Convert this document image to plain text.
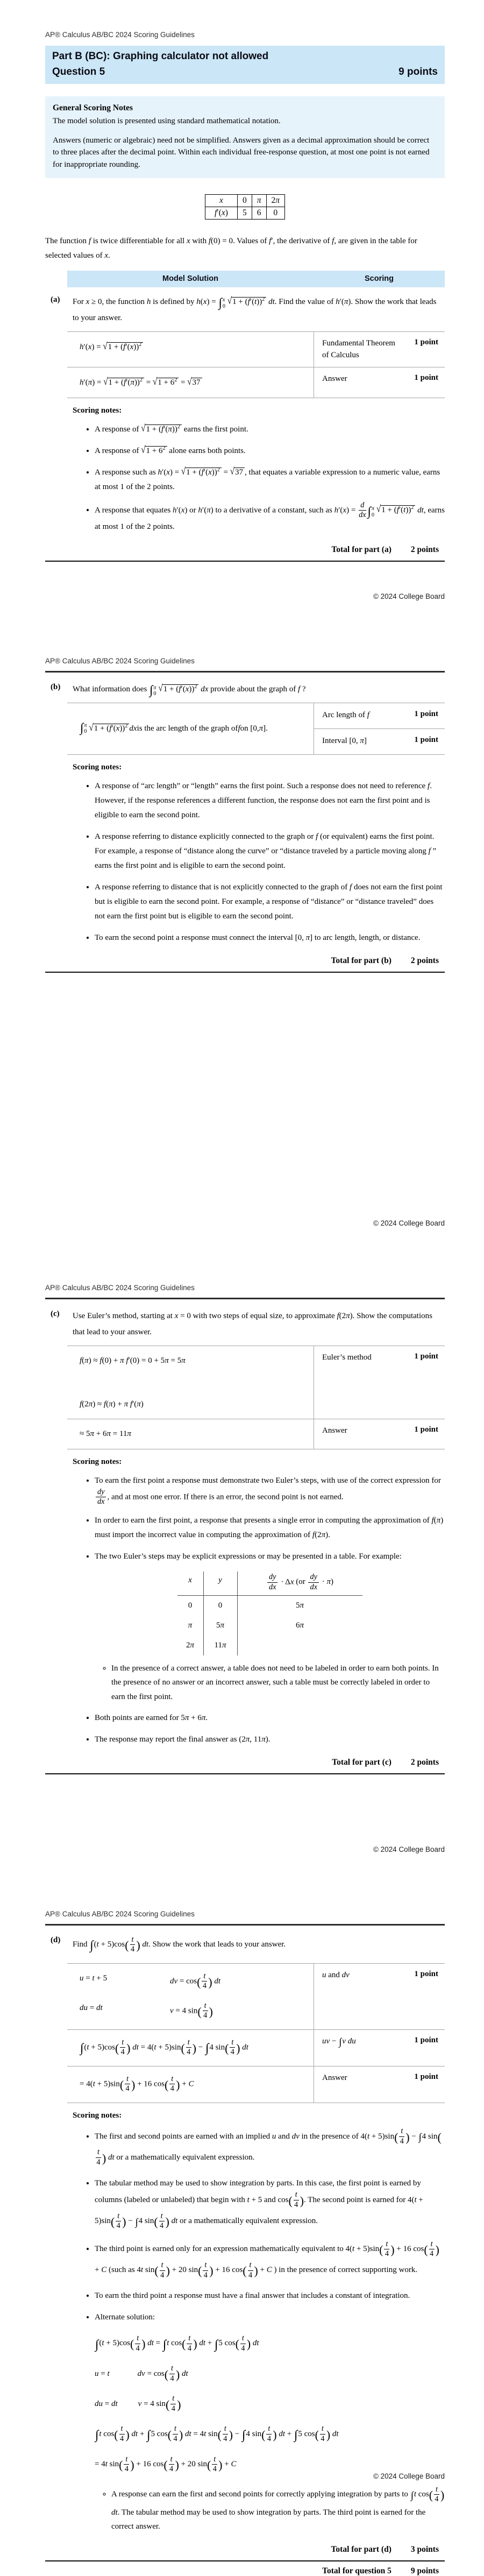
AP® Calculus AB/BC 2024 Scoring Guidelines
Part B (BC): Graphing calculator not allowed
Question 5	9 points
General Scoring Notes
The model solution is presented using standard mathematical notation.
Answers (numeric or algebraic) need not be simplified. Answers given as a decimal approximation should be correct to three places after the decimal point. Within each individual free-response question, at most one point is not earned for inappropriate rounding.
x	0	π	2π
f′(x)	5	6	0
The function f is twice differentiable for all x with f(0) = 0. Values of f′, the derivative of f, are given in the table for selected values of x.
Model Solution	Scoring
(a) For x ≥ 0, the function h is defined by h(x) = ∫ x
0
$√1 + (f'(t))^2$ dt. Find the value of h′(π). Show the work that leads to your answer.
$h'(x) = √1 + (f'(x))^2$	Fundamental Theorem of Calculus
1 point
$h'(\pi) = √1 + (f'(\pi))^2 = √1 + 6^2 = √37$	Answer	1 point
Scoring notes:
• A response of $√1 + (f'(\pi))^2$ earns the first point.
• A response of $√1 + 6^2$ alone earns both points.
• A response such as $h'(x) = √1 + (f'(x))^2 = √37$ , that equates a variable expression to a numeric value, earns at most 1 of the 2 points.
• A response that equates h′(x) or h′(π) to a derivative of a constant, such as $h'(x) = \frac{d}{dx}$ ∫ π
0
$√1 + (f'(t))^2$ dt, earns at most 1 of the 2 points.
Total for part (a) 2 points
© 2024 College Board
AP® Calculus AB/BC 2024 Scoring Guidelines
(b) What information does ∫ π
0
$√1 + (f'(x))^2$ dx provide about the graph of f ?
∫ π
0 $√1 + (f'(x))^2$ dx is the arc length of the graph of f on [0, π ].
Arc length of f	1 point
Interval [0, π]	1 point
Scoring notes:
• A response of “arc length” or “length” earns the first point. Such a response does not need to reference f. However, if the response references a different function, the response does not earn the first point and is eligible to earn the second point.
• A response referring to distance explicitly connected to the graph or f (or equivalent) earns the first point. For example, a response of “distance along the curve” or “distance traveled by a particle moving along f ” earns the first point and is eligible to earn the second point.
• A response referring to distance that is not explicitly connected to the graph of f does not earn the first point but is eligible to earn the second point. For example, a response of “distance” or “distance traveled” does not earn the first point but is eligible to earn the second point.
• To earn the second point a response must connect the interval [0, π] to arc length, length, or distance.
Total for part (b) 2 points
© 2024 College Board
AP® Calculus AB/BC 2024 Scoring Guidelines
(c) Use Euler’s method, starting at x = 0 with two steps of equal size, to approximate f(2π). Show the computations that lead to your answer.
f(π) ≈ f(0) + π f′(0) = 0 + 5π = 5π
f(2π) ≈ f(π) + π f′(π)
Euler’s method	1 point
≈ 5π + 6π = 11π	Answer	1 point
Scoring notes:
• To earn the first point a response must demonstrate two Euler’s steps, with use of the correct expression for
$\frac{dy}{dx}$ , and at most one error. If there is an error, the second point is not earned.
• In order to earn the first point, a response that presents a single error in computing the approximation of f(π) must import the incorrect value in computing the approximation of f(2π).
• The two Euler’s steps may be explicit expressions or may be presented in a table. For example:
x	y	$\frac{dy}{dx} \cdot \Delta x$ $(or \frac{dy}{dx} \cdot \pi)$
0	0	5π
π	5π	6π
2π	11π
◦ In the presence of a correct answer, a table does not need to be labeled in order to earn both points. In the presence of no answer or an incorrect answer, such a table must be correctly labeled in order to earn the first point.
• Both points are earned for 5π + 6π.
• The response may report the final answer as (2π, 11π).
Total for part (c) 2 points
© 2024 College Board
AP® Calculus AB/BC 2024 Scoring Guidelines
(d)
Find $\int(t + 5)\cos( \frac{t}{4}$ ) dt. Show the work that leads to your answer.
u = t + 5	dv = $\cos( \frac{t}{4}$ ) dt
du = dt	v = 4 $\sin( \frac{t}{4}$ )
u and dv	1 point
$\int(t + 5)\cos( \frac{t}{4}$ ) dt = $4(t + 5)\sin( \frac{t}{4}$ ) − ∫4 $\sin( \frac{t}{4}$ ) dt
uv − ∫v du	1 point
= $4(t + 5)\sin( \frac{t}{4}$ ) + 16 $\cos( \frac{t}{4}$ ) + C
Answer	1 point
Scoring notes:
• The first and second points are earned with an implied u and dv in the presence of $4(t + 5)\sin( \frac{t}{4}$ ) − ∫4 sin(
$\frac{t}{4}$ ) dt or a mathematically equivalent expression.
• The tabular method may be used to show integration by parts. In this case, the first point is earned by columns (labeled or unlabeled) that begin with t + 5 and $\cos( \frac{t}{4}$ ). The second point is earned for $4(t + 5)\sin( \frac{t}{4}$ ) − ∫4 $\sin( \frac{t}{4}$ ) dt or a mathematically equivalent expression.
• The third point is earned only for an expression mathematically equivalent to $4(t + 5)\sin( \frac{t}{4}$ ) + 16 $\cos( \frac{t}{4}$ ) + C (such as 4t $\sin( \frac{t}{4}$ ) + 20 $\sin( \frac{t}{4}$ ) + 16 $\cos( \frac{t}{4}$ ) + C ) in the presence of correct supporting work.
• To earn the third point a response must have a final answer that includes a constant of integration.
• Alternate solution:
$\int(t + 5)\cos( \frac{t}{4}$ ) dt = ∫t $\cos( \frac{t}{4}$ ) dt + ∫5 $\cos( \frac{t}{4}$ ) dt
u = t	dv = $\cos( \frac{t}{4}$ ) dt
du = dt	v = 4 $\sin( \frac{t}{4}$ )
∫t $\cos( \frac{t}{4}$ ) dt + ∫5 $\cos( \frac{t}{4}$ ) dt = 4t $\sin( \frac{t}{4}$ ) − ∫4 $\sin( \frac{t}{4}$ ) dt + ∫5 $\cos( \frac{t}{4}$ ) dt
= 4t $\sin( \frac{t}{4}$ ) + 16 $\cos( \frac{t}{4}$ ) + 20 $\sin( \frac{t}{4}$ ) + C
◦ A response can earn the first and second points for correctly applying integration by parts to ∫t $\cos( \frac{t}{4}$ ) dt. The tabular method may be used to show integration by parts. The third point is earned for the correct answer.
Total for part (d) 3 points
Total for question 5 9 points
© 2024 College Board
